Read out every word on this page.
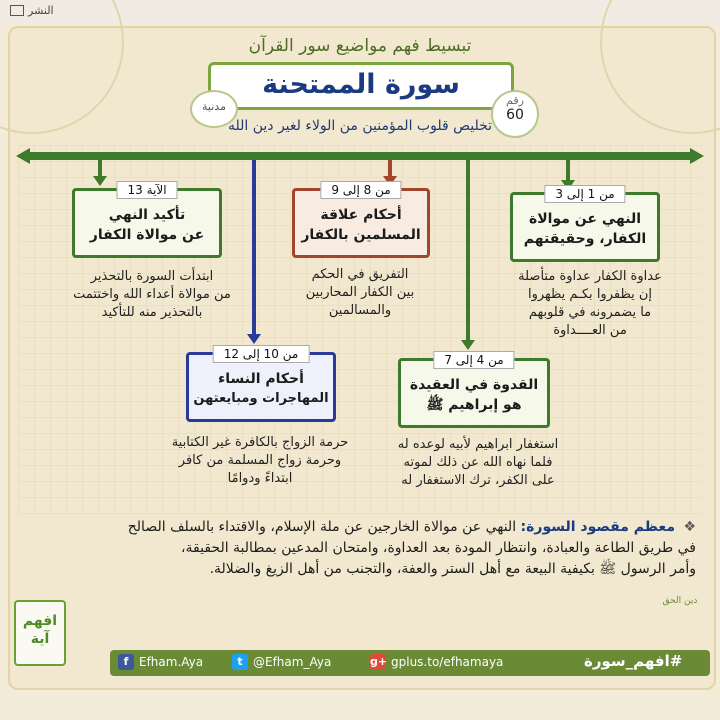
النشر
تبسيط فهم مواضيع سور القرآن
سورة الممتحنة
رقم
60
مدنية
تخليص قلوب المؤمنين من الولاء لغير دين الله
من 1 إلى 3
النهي عن موالاة
الكفار، وحقيقتهم
عداوة الكفار عداوة متأصلة
إن يظفروا بكـم يظهروا
ما يضمرونه في قلوبهم
من العــــداوة
من 8 إلى 9
أحكام علاقة
المسلمين بالكفار
التفريق في الحكم
بين الكفار المحاربين
والمسالمين
الآية 13
تأكيد النهي
عن موالاة الكفار
ابتدأت السورة بالتحذير
من موالاة أعداء الله واختتمت
بالتحذير منه للتأكيد
من 4 إلى 7
القدوة في العقيدة
هو إبراهيم ﷺ
استغفار ابراهيم لأبيه لوعده له
فلما نهاه الله عن ذلك لموته
على الكفر، ترك الاستغفار له
من 10 إلى 12
أحكام النساء
المهاجرات ومبايعتهن
حرمة الزواج بالكافرة غير الكتابية
وحرمة زواج المسلمة من كافر
ابتداءً ودوامًا
❖ معظم مقصود السورة: النهي عن موالاة الخارجين عن ملة الإسلام، والاقتداء بالسلف الصالح
في طريق الطاعة والعبادة، وانتظار المودة بعد العداوة، وامتحان المدعين بمطالبة الحقيقة،
وأمر الرسول ﷺ بكيفية البيعة مع أهل الستر والعفة، والتجنب من أهل الزيغ والضلالة.
f Efham.Aya	t @Efham_Aya	g+ gplus.to/efhamaya	#افهم_سورة
افهم
آية
دين الحق
